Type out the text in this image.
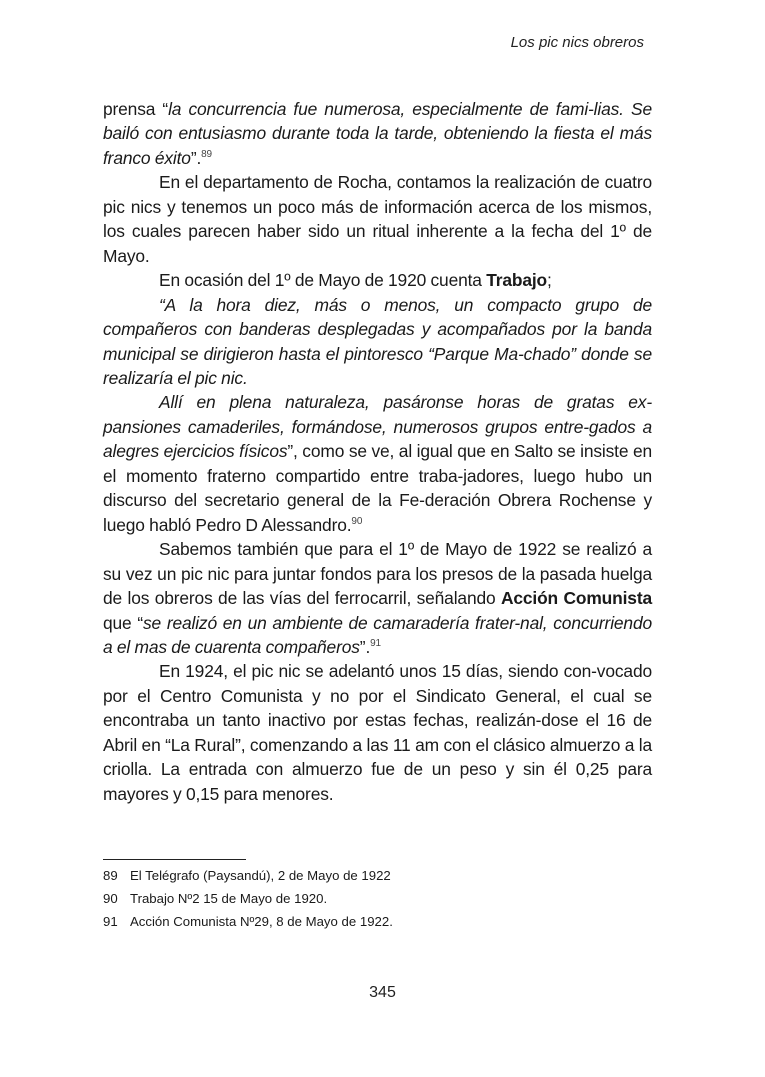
Los pic nics obreros

prensa “la concurrencia fue numerosa, especialmente de fami-lias. Se bailó con entusiasmo durante toda la tarde, obteniendo la fiesta el más franco éxito”.$^{89}$

En el departamento de Rocha, contamos la realización de cuatro pic nics y tenemos un poco más de información acerca de los mismos, los cuales parecen haber sido un ritual inherente a la fecha del 1º de Mayo.

En ocasión del 1º de Mayo de 1920 cuenta Trabajo;

“A la hora diez, más o menos, un compacto grupo de compañeros con banderas desplegadas y acompañados por la banda municipal se dirigieron hasta el pintoresco “Parque Ma-chado” donde se realizaría el pic nic.

Allí en plena naturaleza, pasáronse horas de gratas ex-pansiones camaderiles, formándose, numerosos grupos entre-gados a alegres ejercicios físicos”, como se ve, al igual que en Salto se insiste en el momento fraterno compartido entre traba-jadores, luego hubo un discurso del secretario general de la Fe-deración Obrera Rochense y luego habló Pedro D Alessandro.$^{90}$

Sabemos también que para el 1º de Mayo de 1922 se realizó a su vez un pic nic para juntar fondos para los presos de la pasada huelga de los obreros de las vías del ferrocarril, señalando Acción Comunista que “se realizó en un ambiente de camaradería frater-nal, concurriendo a el mas de cuarenta compañeros”.$^{91}$

En 1924, el pic nic se adelantó unos 15 días, siendo con-vocado por el Centro Comunista y no por el Sindicato General, el cual se encontraba un tanto inactivo por estas fechas, realizán-dose el 16 de Abril en “La Rural”, comenzando a las 11 am con el clásico almuerzo a la criolla. La entrada con almuerzo fue de un peso y sin él 0,25 para mayores y 0,15 para menores.

89 El Telégrafo (Paysandú), 2 de Mayo de 1922
90 Trabajo Nº2 15 de Mayo de 1920.
91 Acción Comunista Nº29, 8 de Mayo de 1922.
345
